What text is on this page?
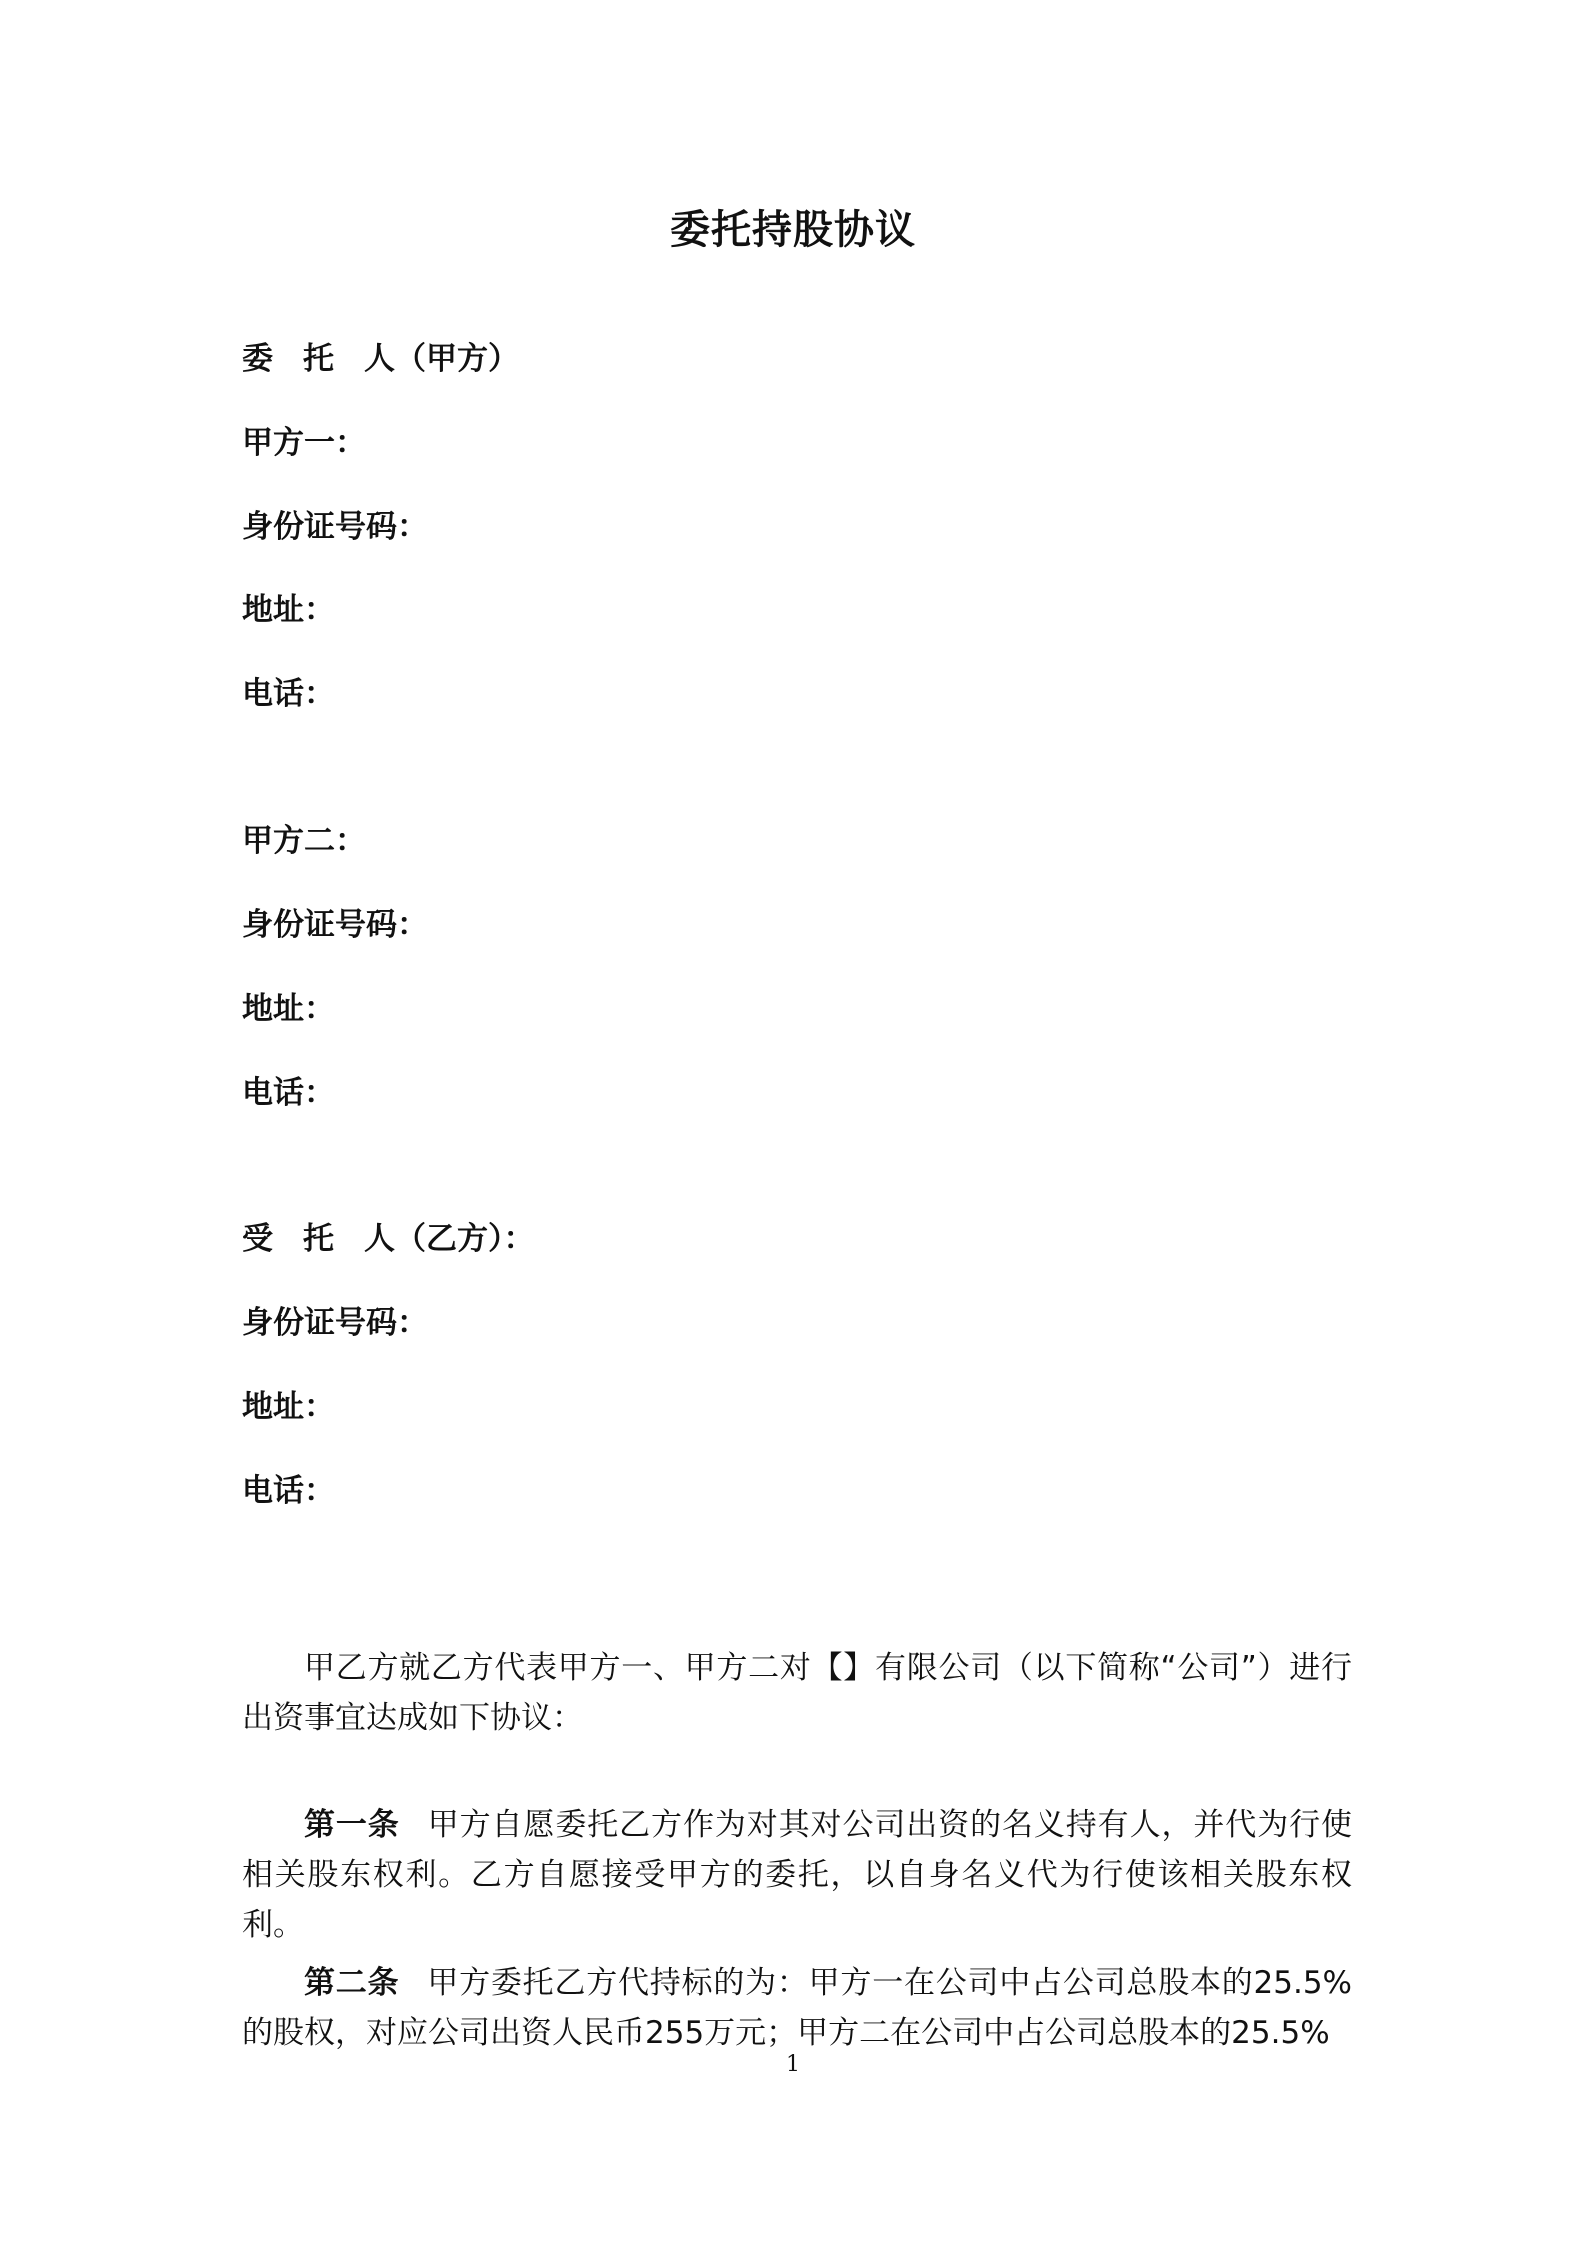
委托持股协议
委 托 人（甲方）
甲方一：
身份证号码：
地址：
电话：
甲方二：
身份证号码：
地址：
电话：
受 托 人（乙方）：
身份证号码：
地址：
电话：
甲乙方就乙方代表甲方一、甲方二对【】有限公司（以下简称“公司”）进行出资事宜达成如下协议：
第一条 甲方自愿委托乙方作为对其对公司出资的名义持有人，并代为行使相关股东权利。乙方自愿接受甲方的委托，以自身名义代为行使该相关股东权利。
第二条 甲方委托乙方代持标的为：甲方一在公司中占公司总股本的25.5%的股权，对应公司出资人民币255万元；甲方二在公司中占公司总股本的25.5%
1
